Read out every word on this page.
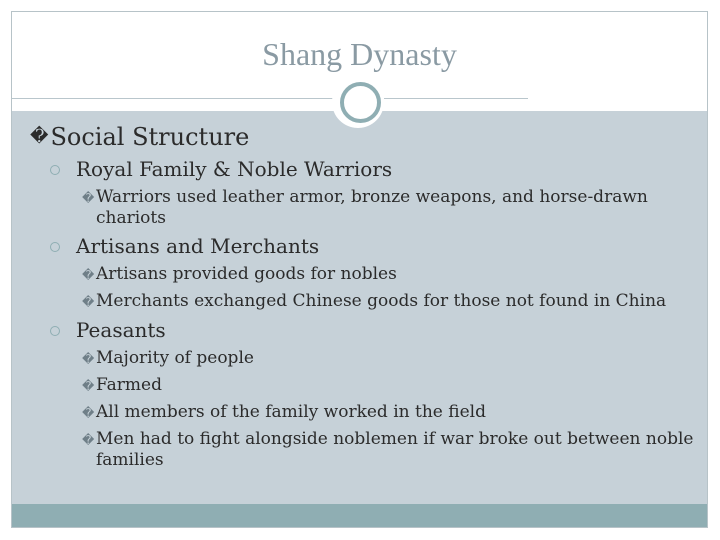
Shang Dynasty
� Social Structure
Royal Family & Noble Warriors
� Warriors used leather armor, bronze weapons, and horse-drawn chariots
Artisans and Merchants
� Artisans provided goods for nobles
� Merchants exchanged Chinese goods for those not found in China
Peasants
� Majority of people
� Farmed
� All members of the family worked in the field
� Men had to fight alongside noblemen if war broke out between noble families
